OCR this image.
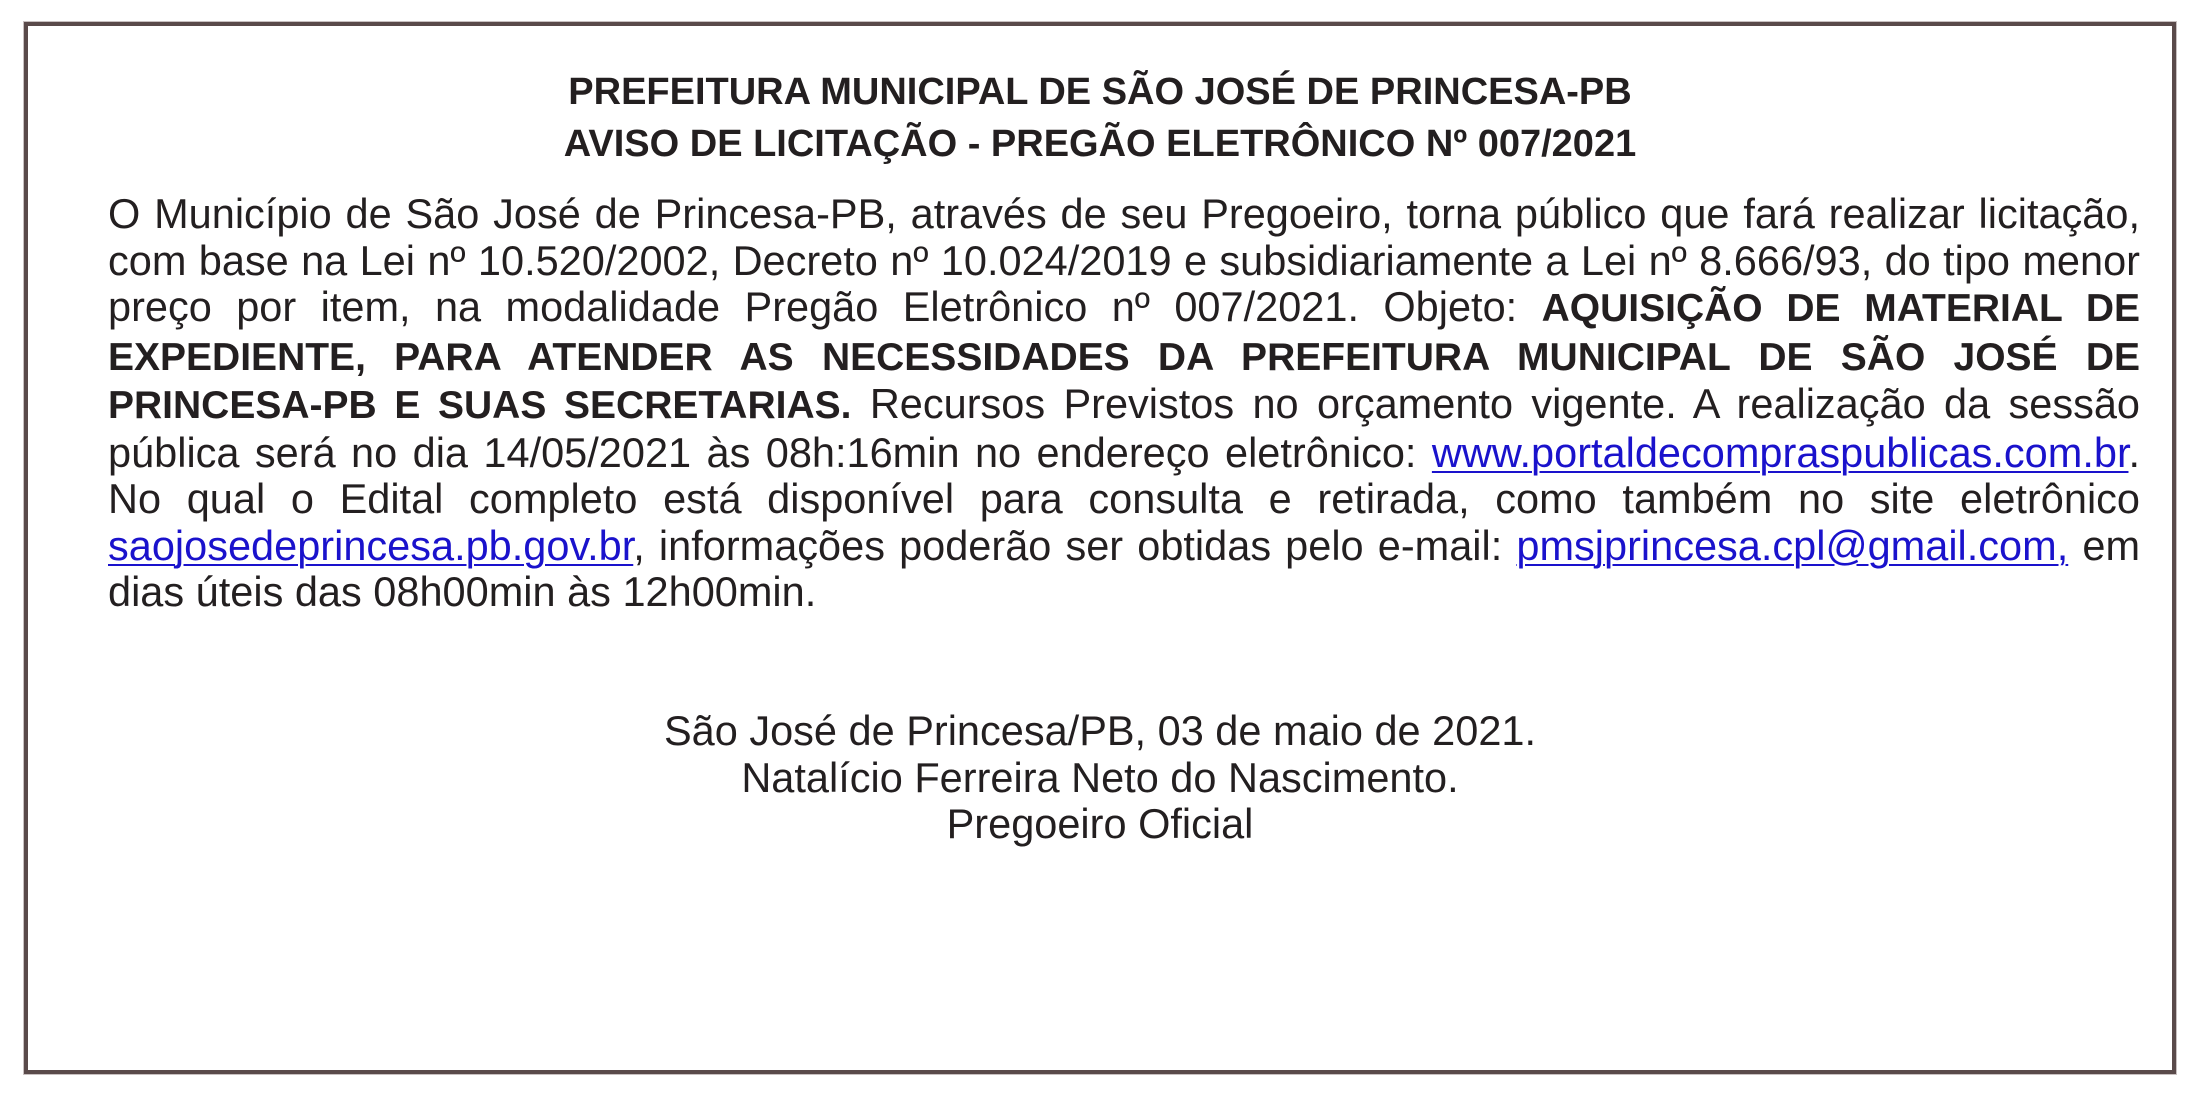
PREFEITURA MUNICIPAL DE SÃO JOSÉ DE PRINCESA-PB
AVISO DE LICITAÇÃO - PREGÃO ELETRÔNICO Nº 007/2021
O Município de São José de Princesa-PB, através de seu Pregoeiro, torna público que fará realizar licitação, com base na Lei nº 10.520/2002, Decreto nº 10.024/2019 e subsidiariamente a Lei nº 8.666/93, do tipo menor preço por item, na modalidade Pregão Eletrônico nº 007/2021. Objeto: AQUISIÇÃO DE MATERIAL DE EXPEDIENTE, PARA ATENDER AS NECESSIDADES DA PREFEITURA MUNICIPAL DE SÃO JOSÉ DE PRINCESA-PB E SUAS SECRETARIAS. Recursos Previstos no orçamento vigente. A realização da sessão pública será no dia 14/05/2021 às 08h:16min no endereço eletrônico: www.portaldecompraspublicas.com.br. No qual o Edital completo está disponível para consulta e retirada, como também no site eletrônico saojosedeprincesa.pb.gov.br, informações poderão ser obtidas pelo e-mail: pmsjprincesa.cpl@gmail.com, em dias úteis das 08h00min às 12h00min.
São José de Princesa/PB, 03 de maio de 2021.
Natalício Ferreira Neto do Nascimento.
Pregoeiro Oficial
